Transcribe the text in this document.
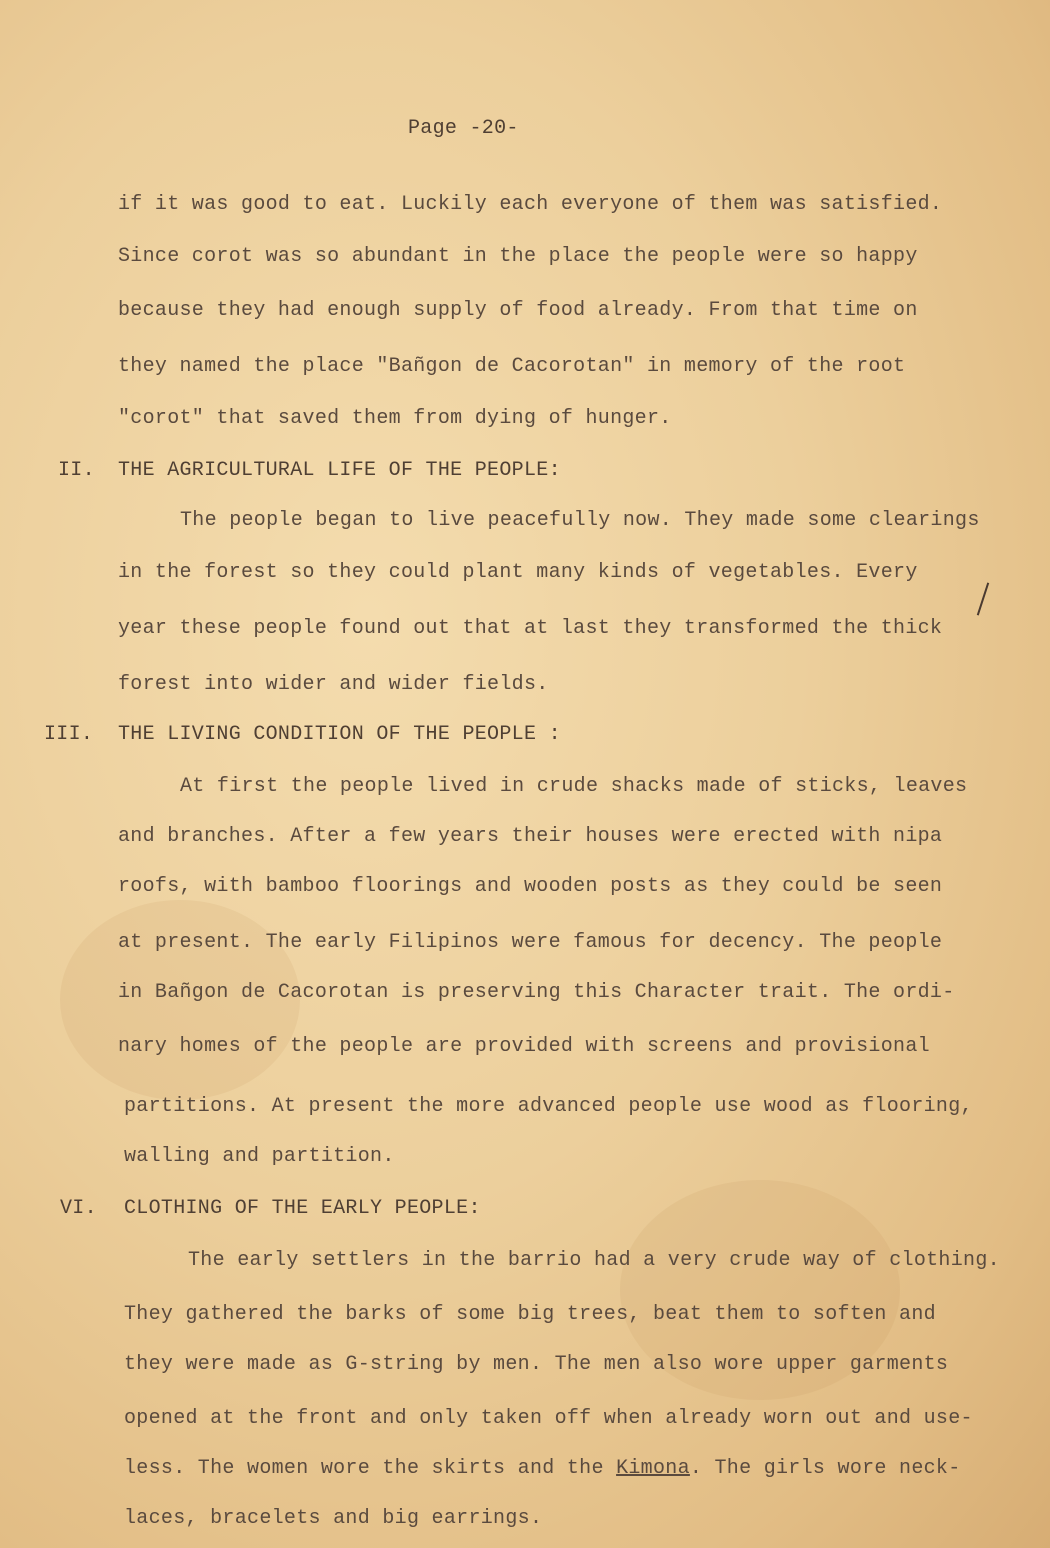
Page -20-
if it was good to eat. Luckily each everyone of them was satisfied.
Since corot was so abundant in the place the people were so happy
because they had enough supply of food already. From that time on
they named the place "Bañgon de Cacorotan" in memory of the root
"corot" that saved them from dying of hunger.
II. THE AGRICULTURAL LIFE OF THE PEOPLE:
The people began to live peacefully now. They made some clearings
in the forest so they could plant many kinds of vegetables. Every
year these people found out that at last they transformed the thick
forest into wider and wider fields.
III. THE LIVING CONDITION OF THE PEOPLE :
At first the people lived in crude shacks made of sticks, leaves
and branches. After a few years their houses were erected with nipa
roofs, with bamboo floorings and wooden posts as they could be seen
at present. The early Filipinos were famous for decency. The people
in Bañgon de Cacorotan is preserving this Character trait. The ordi-
nary homes of the people are provided with screens and provisional
partitions. At present the more advanced people use wood as flooring,
walling and partition.
VI. CLOTHING OF THE EARLY PEOPLE:
The early settlers in the barrio had a very crude way of clothing.
They gathered the barks of some big trees, beat them to soften and
they were made as G-string by men. The men also wore upper garments
opened at the front and only taken off when already worn out and use-
less. The women wore the skirts and the Kimona. The girls wore neck-
laces, bracelets and big earrings.
